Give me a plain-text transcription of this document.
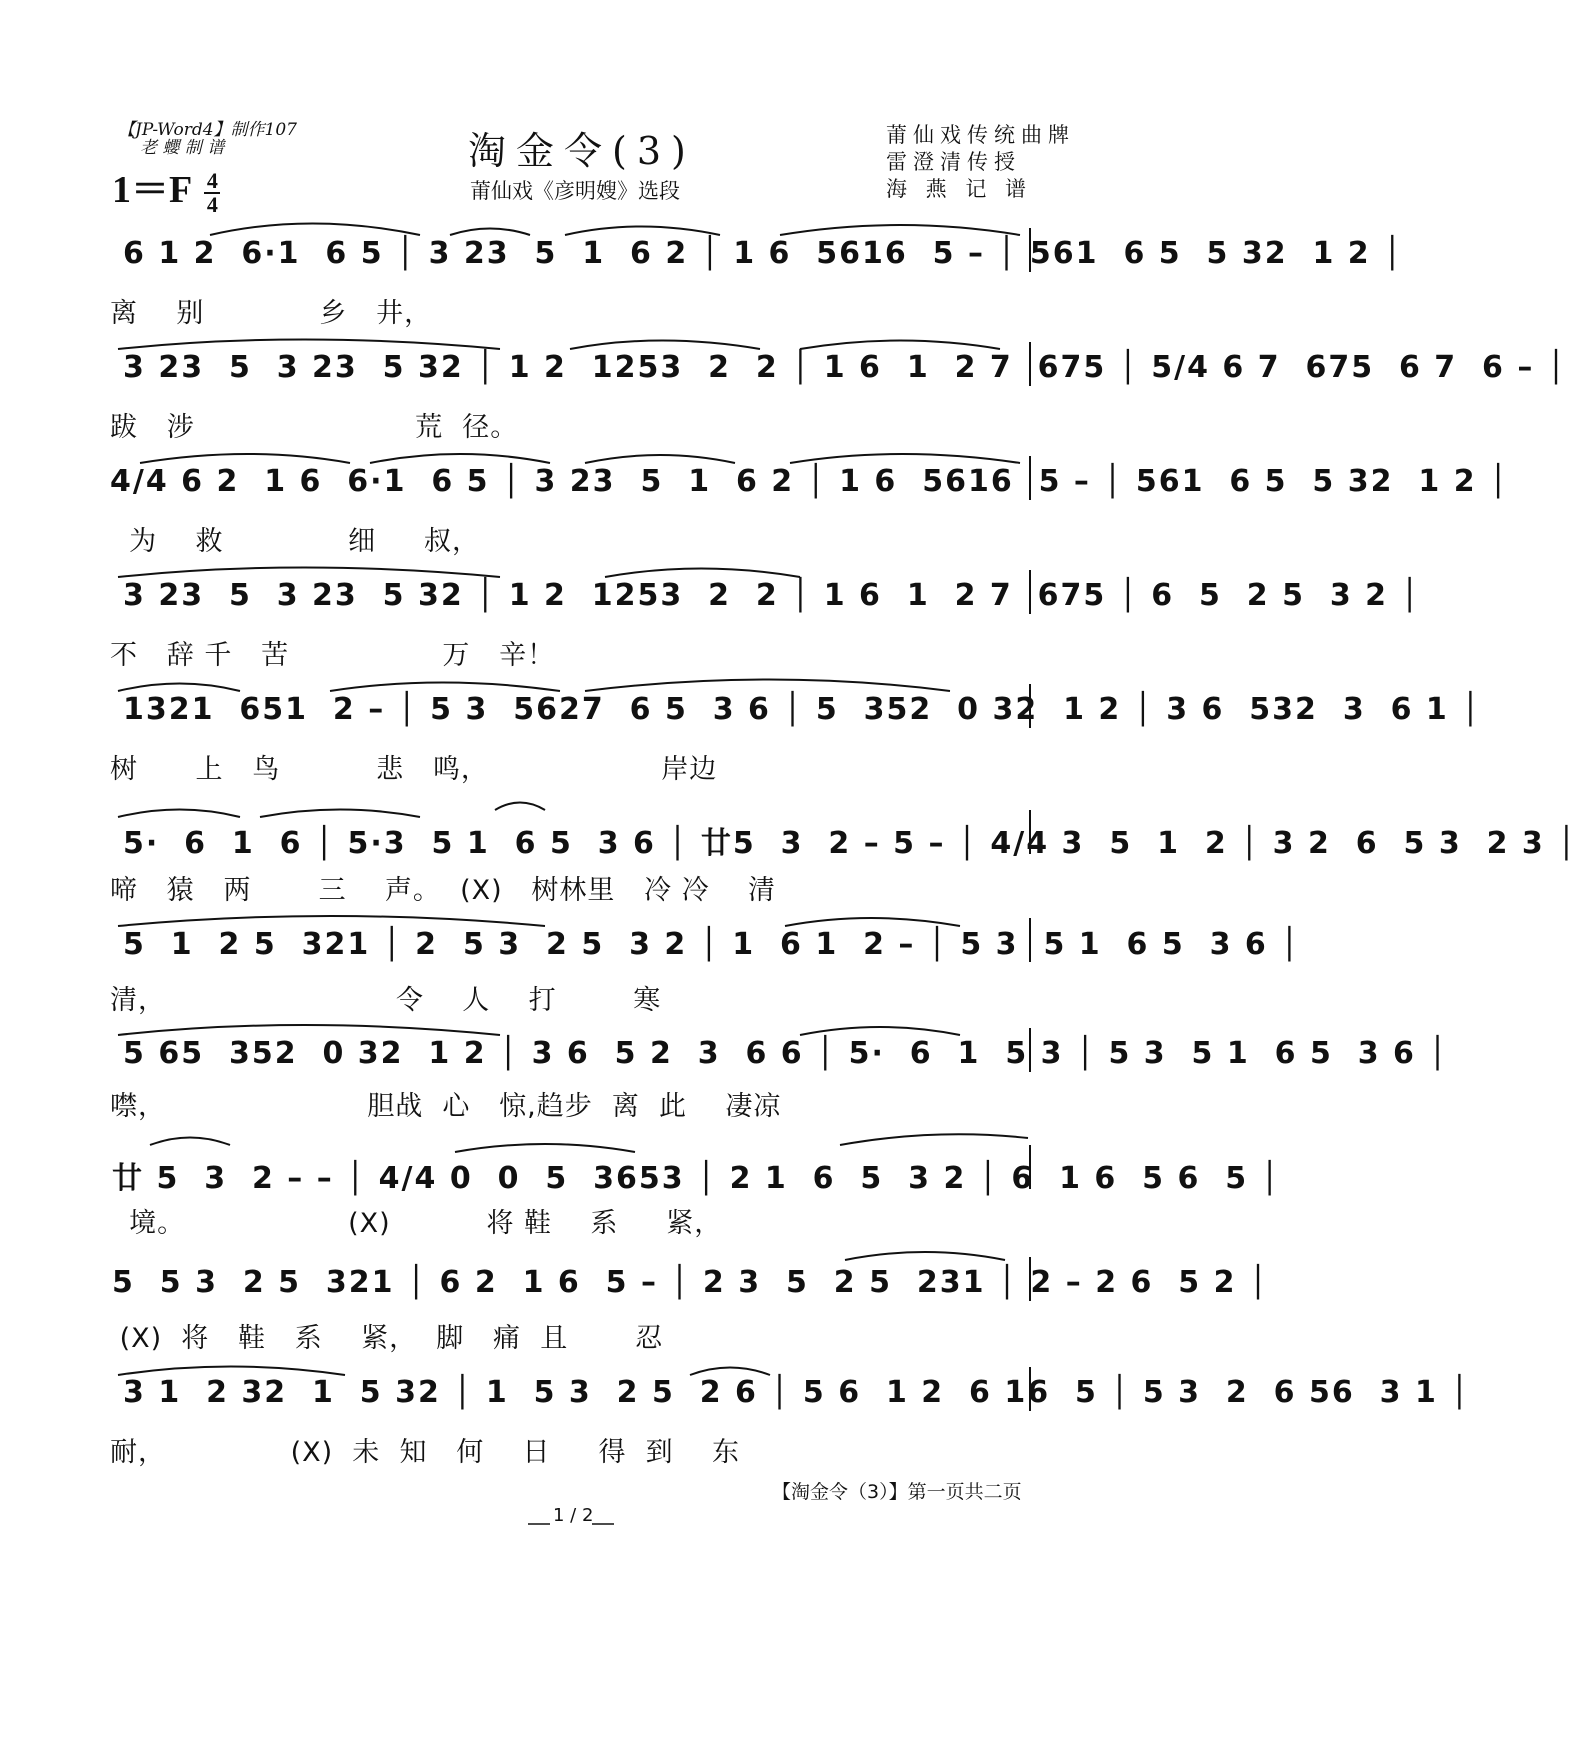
【JP-Word4】制作107
老 蠳 制 谱
$1=F \frac{4}{4}$
淘金令(3)
莆仙戏《彦明嫂》选段
莆仙戏传统曲牌
雷澄清传授
海 燕 记 谱
6 1 2  6·1  6 5 │ 3 23  5  1  6 2 │ 1 6  5616  5 – │ 561  6 5  5 32  1 2 │
离    别            乡   井，
3 23  5  3 23  5 32 │ 1 2  1253  2  2 │ 1 6  1  2 7  675 │ 5/4 6 7  675  6 7  6 – │
跋   涉                       荒  径。
4/4 6 2  1 6  6·1  6 5 │ 3 23  5  1  6 2 │ 1 6  5616  5 – │ 561  6 5  5 32  1 2 │
为    救             细     叔，
3 23  5  3 23  5 32 │ 1 2  1253  2  2 │ 1 6  1  2 7  675 │ 6  5  2 5  3 2 │
不   辞 千   苦                万   辛！
1321  651  2 – │ 5 3  5627  6 5  3 6 │ 5  352  0 32  1 2 │ 3 6  532  3  6 1 │
树      上   鸟          悲   鸣，                  岸边
5·  6  1  6 │ 5·3  5 1  6 5  3 6 │ 廿5  3  2 – 5 – │ 4/4 3  5  1  2 │ 3 2  6  5 3  2 3 │
啼   猿   两       三    声。  (X)   树林里   冷 冷    清
5  1  2 5  321 │ 2  5 3  2 5  3 2 │ 1  6 1  2 – │ 5 3  5 1  6 5  3 6 │
清，                        令    人    打        寒
5 65  352  0 32  1 2 │ 3 6  5 2  3  6 6 │ 5·  6  1  5 3 │ 5 3  5 1  6 5  3 6 │
噤，                     胆战  心   惊,趋步  离  此    凄凉
廿 5  3  2 – – │ 4/4 0  0  5  3653 │ 2 1  6  5  3 2 │ 6  1 6  5 6  5 │
境。                 (X)          将 鞋    系     紧，
5  5 3  2 5  321 │ 6 2  1 6  5 – │ 2 3  5  2 5  231 │ 2 – 2 6  5 2 │
(X)  将   鞋   系    紧，  脚   痛  且       忍
3 1  2 32  1  5 32 │ 1  5 3  2 5  2 6 │ 5 6  1 2  6 16  5 │ 5 3  2  6 56  3 1 │
耐，             (X)  未  知   何    日     得  到    东
【淘金令（3）】第一页共二页
1 / 2
